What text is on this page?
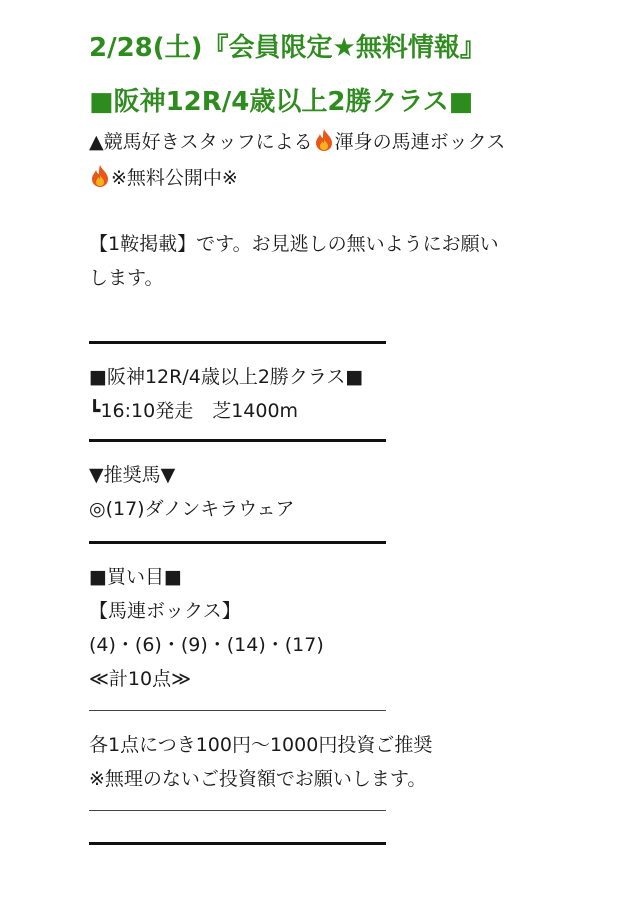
2/28(土)『会員限定★無料情報』
■阪神12R/4歳以上2勝クラス■
▲競馬好きスタッフによる 渾身の馬連ボックス
※無料公開中※
【1鞍掲載】です。お見逃しの無いようにお願い
します。
■阪神12R/4歳以上2勝クラス■
┗16:10発走　芝1400m
▼推奨馬▼
◎(17)ダノンキラウェア
■買い目■
【馬連ボックス】
(4)・(6)・(9)・(14)・(17)
≪計10点≫
各1点につき100円～1000円投資ご推奨
※無理のないご投資額でお願いします。
